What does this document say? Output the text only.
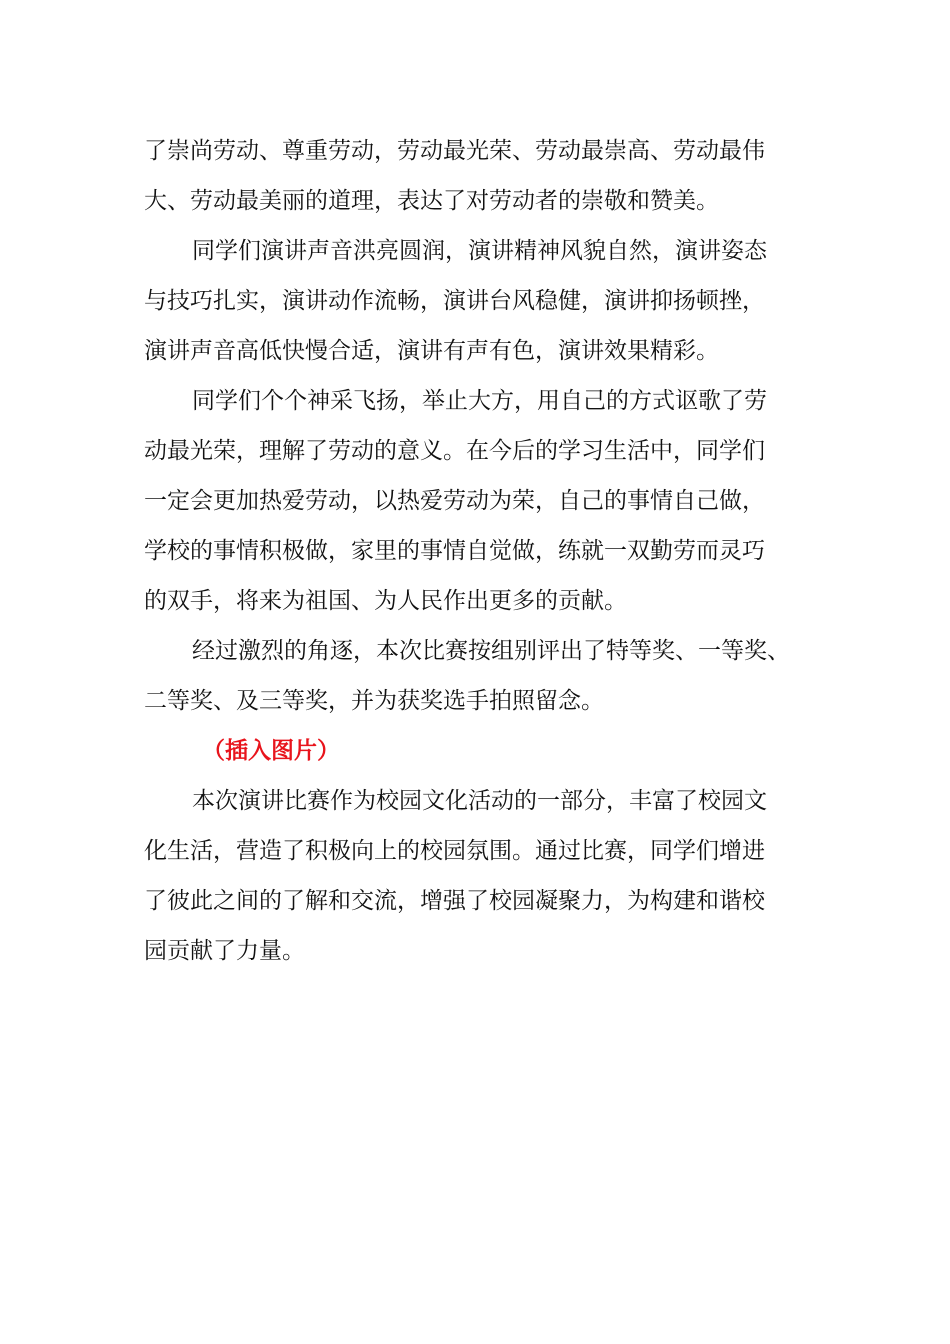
了崇尚劳动、尊重劳动，劳动最光荣、劳动最崇高、劳动最伟
大、劳动最美丽的道理，表达了对劳动者的崇敬和赞美。
同学们演讲声音洪亮圆润，演讲精神风貌自然，演讲姿态
与技巧扎实，演讲动作流畅，演讲台风稳健，演讲抑扬顿挫，
演讲声音高低快慢合适，演讲有声有色，演讲效果精彩。
同学们个个神采飞扬，举止大方，用自己的方式讴歌了劳
动最光荣，理解了劳动的意义。在今后的学习生活中，同学们
一定会更加热爱劳动，以热爱劳动为荣，自己的事情自己做，
学校的事情积极做，家里的事情自觉做，练就一双勤劳而灵巧
的双手，将来为祖国、为人民作出更多的贡献。
经过激烈的角逐，本次比赛按组别评出了特等奖、一等奖、
二等奖、及三等奖，并为获奖选手拍照留念。
（插入图片）
本次演讲比赛作为校园文化活动的一部分，丰富了校园文
化生活，营造了积极向上的校园氛围。通过比赛，同学们增进
了彼此之间的了解和交流，增强了校园凝聚力，为构建和谐校
园贡献了力量。
